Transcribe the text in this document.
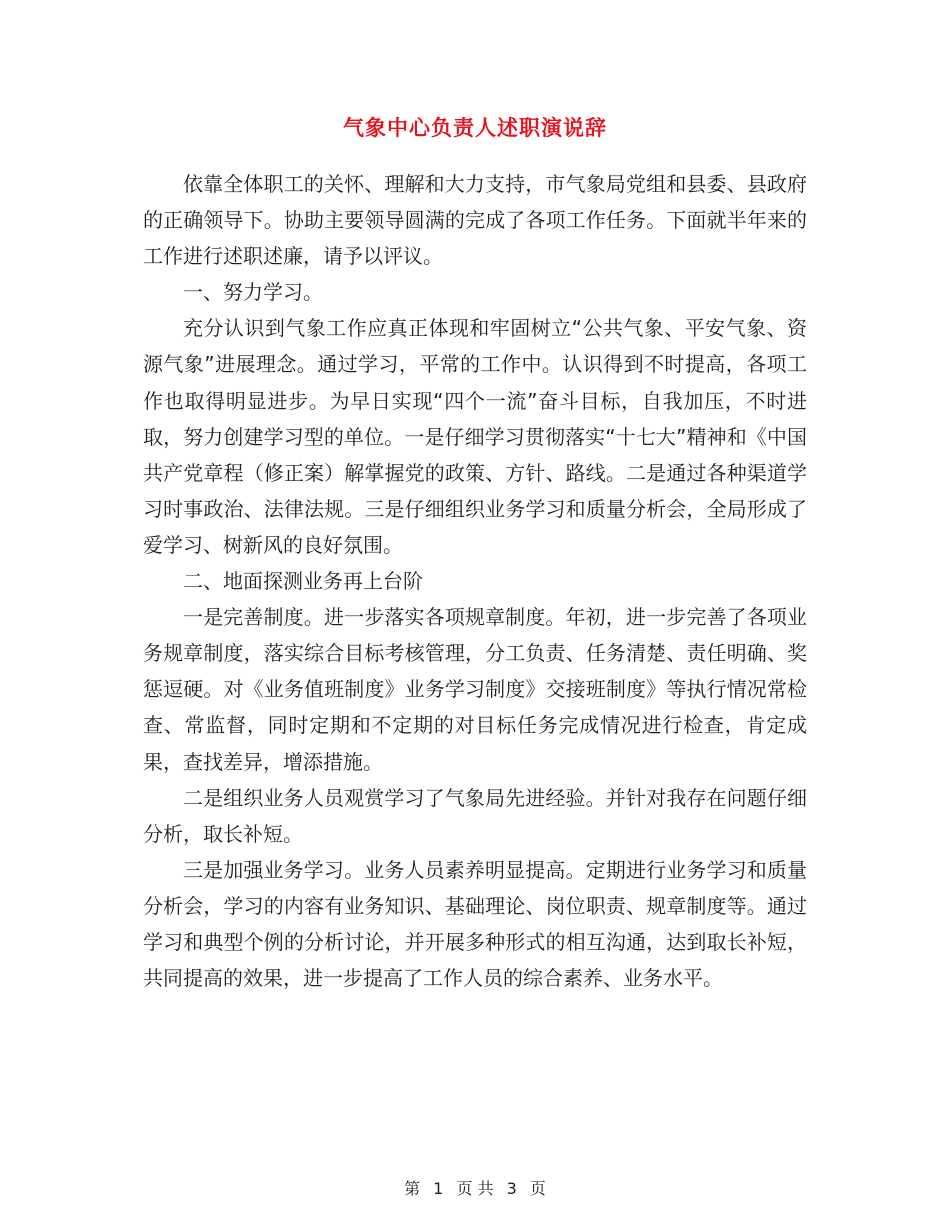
气象中心负责人述职演说辞

依靠全体职工的关怀、理解和大力支持，市气象局党组和县委、县政府的正确领导下。协助主要领导圆满的完成了各项工作任务。下面就半年来的工作进行述职述廉，请予以评议。

一、努力学习。

充分认识到气象工作应真正体现和牢固树立“公共气象、平安气象、资源气象”进展理念。通过学习，平常的工作中。认识得到不时提高，各项工作也取得明显进步。为早日实现“四个一流”奋斗目标，自我加压，不时进取，努力创建学习型的单位。一是仔细学习贯彻落实“十七大”精神和《中国共产党章程（修正案）解掌握党的政策、方针、路线。二是通过各种渠道学习时事政治、法律法规。三是仔细组织业务学习和质量分析会，全局形成了爱学习、树新风的良好氛围。

二、地面探测业务再上台阶

一是完善制度。进一步落实各项规章制度。年初，进一步完善了各项业务规章制度，落实综合目标考核管理，分工负责、任务清楚、责任明确、奖惩逗硬。对《业务值班制度》业务学习制度》交接班制度》等执行情况常检查、常监督，同时定期和不定期的对目标任务完成情况进行检查，肯定成果，查找差异，增添措施。

二是组织业务人员观赏学习了气象局先进经验。并针对我存在问题仔细分析，取长补短。

三是加强业务学习。业务人员素养明显提高。定期进行业务学习和质量分析会，学习的内容有业务知识、基础理论、岗位职责、规章制度等。通过学习和典型个例的分析讨论，并开展多种形式的相互沟通，达到取长补短，共同提高的效果，进一步提高了工作人员的综合素养、业务水平。

第 1 页 共 3 页
